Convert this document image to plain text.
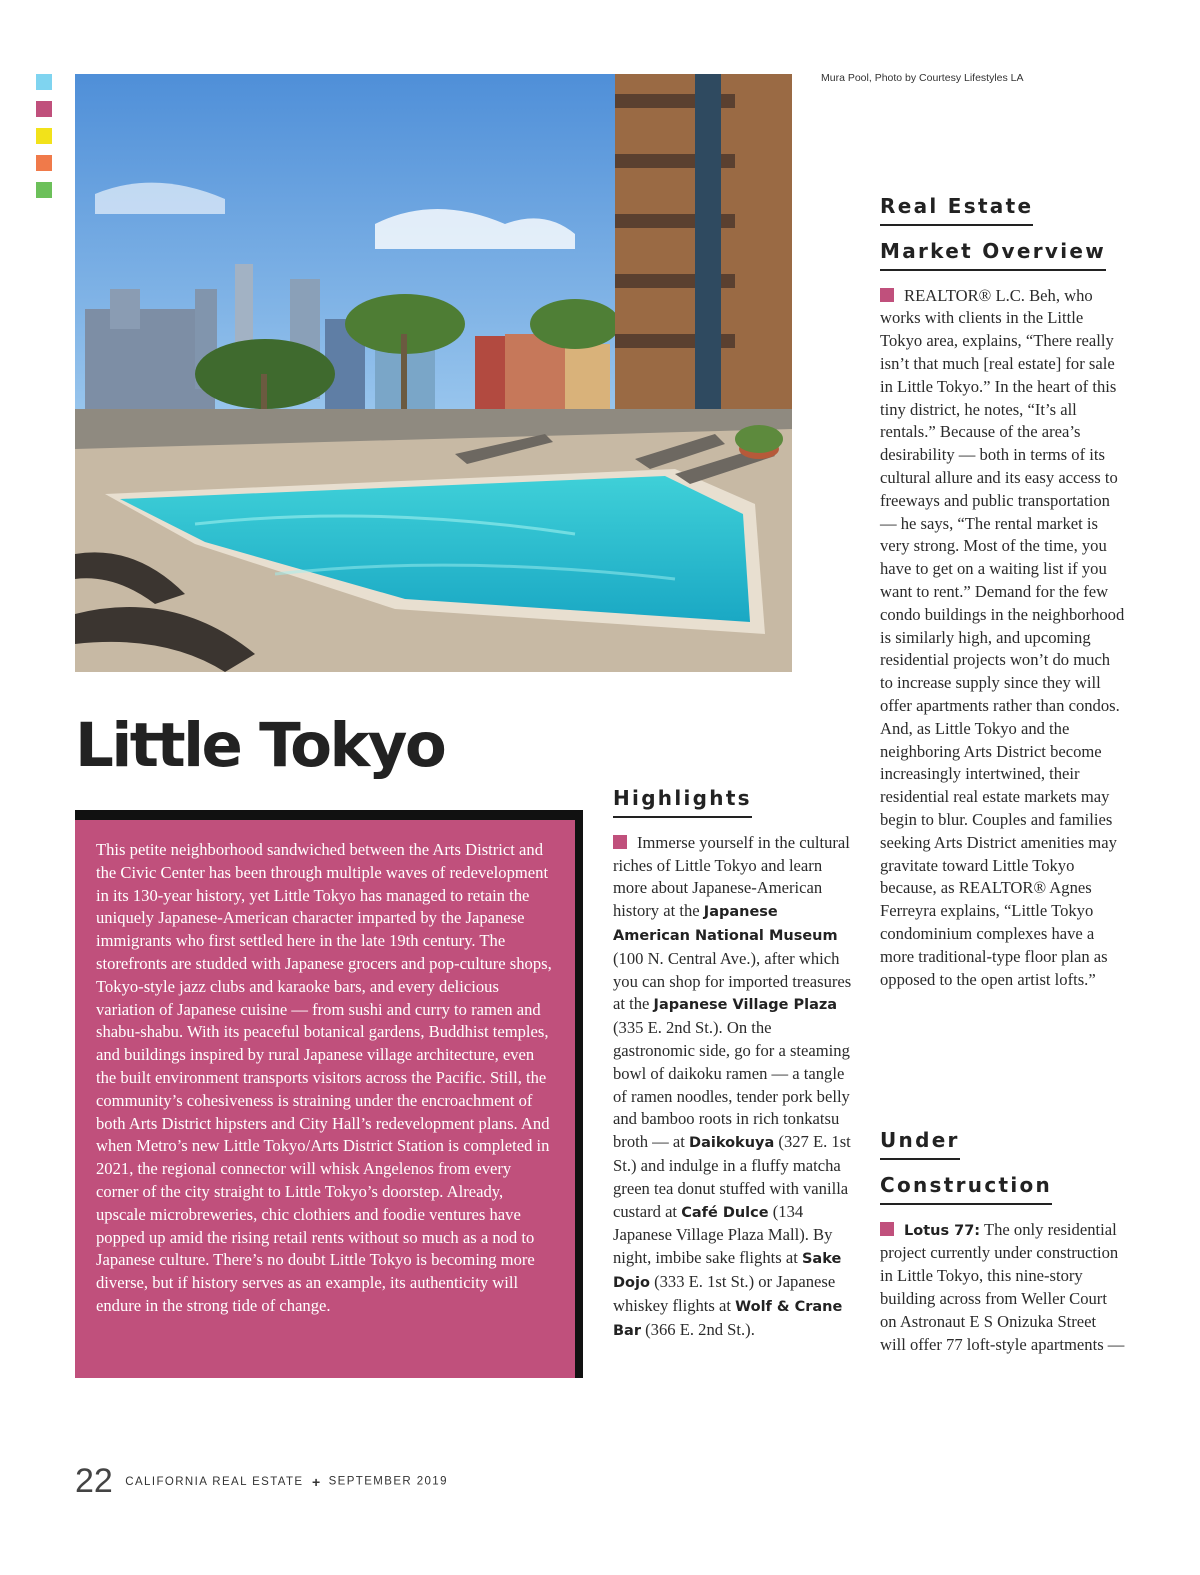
Mura Pool, Photo by Courtesy Lifestyles LA
Little Tokyo

This petite neighborhood sandwiched between the Arts District and the Civic Center has been through multiple waves of redevelopment in its 130-year history, yet Little Tokyo has managed to retain the uniquely Japanese-American character imparted by the Japanese immigrants who first settled here in the late 19th century. The storefronts are studded with Japanese grocers and pop-culture shops, Tokyo-style jazz clubs and karaoke bars, and every delicious variation of Japanese cuisine — from sushi and curry to ramen and shabu-shabu. With its peaceful botanical gardens, Buddhist temples, and buildings inspired by rural Japanese village architecture, even the built environment transports visitors across the Pacific. Still, the community’s cohesiveness is straining under the encroachment of both Arts District hipsters and City Hall’s redevelopment plans. And when Metro’s new Little Tokyo/Arts District Station is completed in 2021, the regional connector will whisk Angelenos from every corner of the city straight to Little Tokyo’s doorstep. Already, upscale microbreweries, chic clothiers and foodie ventures have popped up amid the rising retail rents without so much as a nod to Japanese culture. There’s no doubt Little Tokyo is becoming more diverse, but if history serves as an example, its authenticity will endure in the strong tide of change.

Highlights

Immerse yourself in the cultural riches of Little Tokyo and learn more about Japanese-American history at the Japanese American National Museum (100 N. Central Ave.), after which you can shop for imported treasures at the Japanese Village Plaza (335 E. 2nd St.). On the gastronomic side, go for a steaming bowl of daikoku ramen — a tangle of ramen noodles, tender pork belly and bamboo roots in rich tonkatsu broth — at Daikokuya (327 E. 1st St.) and indulge in a fluffy matcha green tea donut stuffed with vanilla custard at Café Dulce (134 Japanese Village Plaza Mall). By night, imbibe sake flights at Sake Dojo (333 E. 1st St.) or Japanese whiskey flights at Wolf & Crane Bar (366 E. 2nd St.).

Real Estate
Market Overview

REALTOR® L.C. Beh, who works with clients in the Little Tokyo area, explains, “There really isn’t that much [real estate] for sale in Little Tokyo.” In the heart of this tiny district, he notes, “It’s all rentals.” Because of the area’s desirability — both in terms of its cultural allure and its easy access to freeways and public transportation — he says, “The rental market is very strong. Most of the time, you have to get on a waiting list if you want to rent.” Demand for the few condo buildings in the neighborhood is similarly high, and upcoming residential projects won’t do much to increase supply since they will offer apartments rather than condos. And, as Little Tokyo and the neighboring Arts District become increasingly intertwined, their residential real estate markets may begin to blur. Couples and families seeking Arts District amenities may gravitate toward Little Tokyo because, as REALTOR® Agnes Ferreyra explains, “Little Tokyo condominium complexes have a more traditional-type floor plan as opposed to the open artist lofts.”

Under
Construction

Lotus 77: The only residential project currently under construction in Little Tokyo, this nine-story building across from Weller Court on Astronaut E S Onizuka Street will offer 77 loft-style apartments —

22 CALIFORNIA REAL ESTATE + SEPTEMBER 2019
